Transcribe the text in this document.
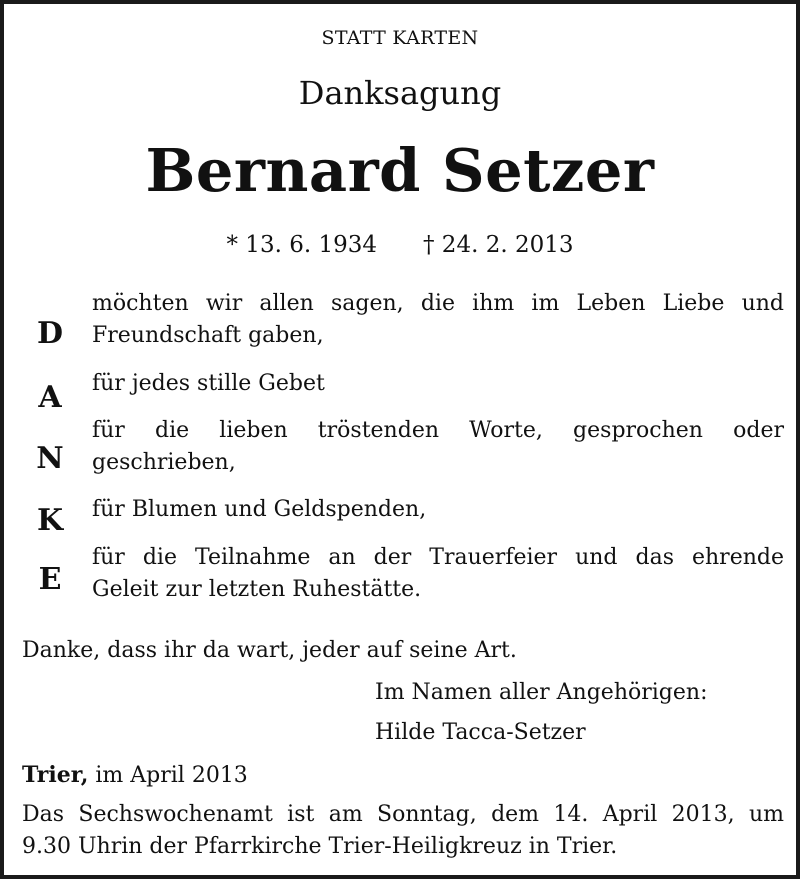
STATT KARTEN
Danksagung
Bernard Setzer
* 13. 6. 1934 † 24. 2. 2013
D
möchten wir allen sagen, die ihm im Leben Liebe und
Freundschaft gaben,
A für jedes stille Gebet
N
für die lieben tröstenden Worte, gesprochen oder
geschrieben,
K für Blumen und Geldspenden,
E
für die Teilnahme an der Trauerfeier und das ehrende
Geleit zur letzten Ruhestätte.
Danke, dass ihr da wart, jeder auf seine Art.
Im Namen aller Angehörigen:
Hilde Tacca-Setzer
Trier, im April 2013
Das Sechswochenamt ist am Sonntag, dem 14. April 2013, um
9.30 Uhrin der Pfarrkirche Trier-Heiligkreuz in Trier.
